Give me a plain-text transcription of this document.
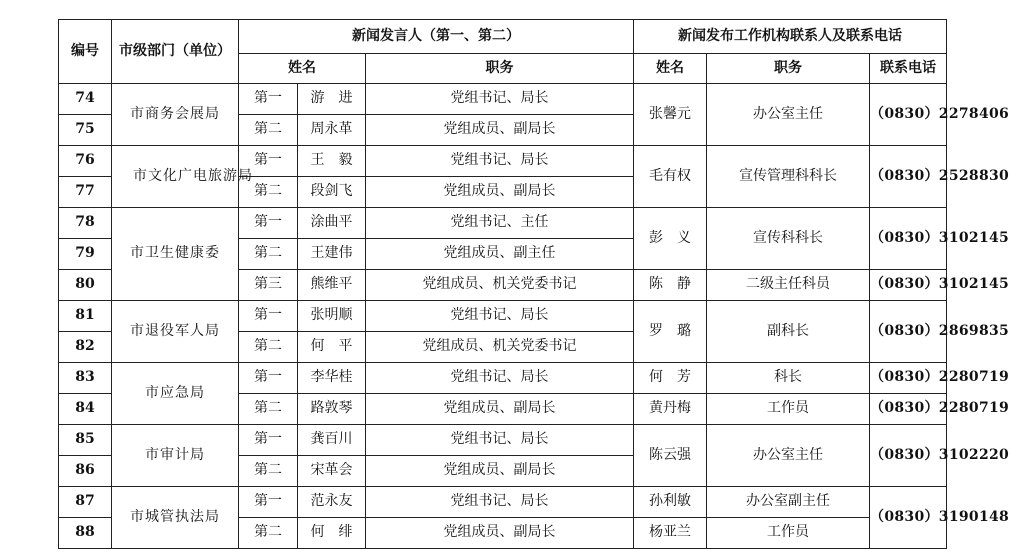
编号	市级部门（单位）	新闻发言人（第一、第二）			新闻发布工作机构联系人及联系电话		
		姓名		职务	姓名	职务	联系电话
74	市商务会展局	第一	游　进	党组书记、局长	张馨元	办公室主任	（0830）2278406
75		第二	周永革	党组成员、副局长			
76	市文化广电旅游局	第一	王　毅	党组书记、局长	毛有权	宣传管理科科长	（0830）2528830
77		第二	段剑飞	党组成员、副局长			
78	市卫生健康委	第一	涂曲平	党组书记、主任	彭　义	宣传科科长	（0830）3102145
79		第二	王建伟	党组成员、副主任			
80		第三	熊维平	党组成员、机关党委书记	陈　静	二级主任科员	（0830）3102145
81	市退役军人局	第一	张明顺	党组书记、局长	罗　璐	副科长	（0830）2869835
82		第二	何　平	党组成员、机关党委书记			
83	市应急局	第一	李华桂	党组书记、局长	何　芳	科长	（0830）2280719
84		第二	路敦琴	党组成员、副局长	黄丹梅	工作员	（0830）2280719
85	市审计局	第一	龚百川	党组书记、局长	陈云强	办公室主任	（0830）3102220
86		第二	宋革会	党组成员、副局长			
87	市城管执法局	第一	范永友	党组书记、局长	孙利敏	办公室副主任	（0830）3190148
88		第二	何　绯	党组成员、副局长	杨亚兰	工作员	
